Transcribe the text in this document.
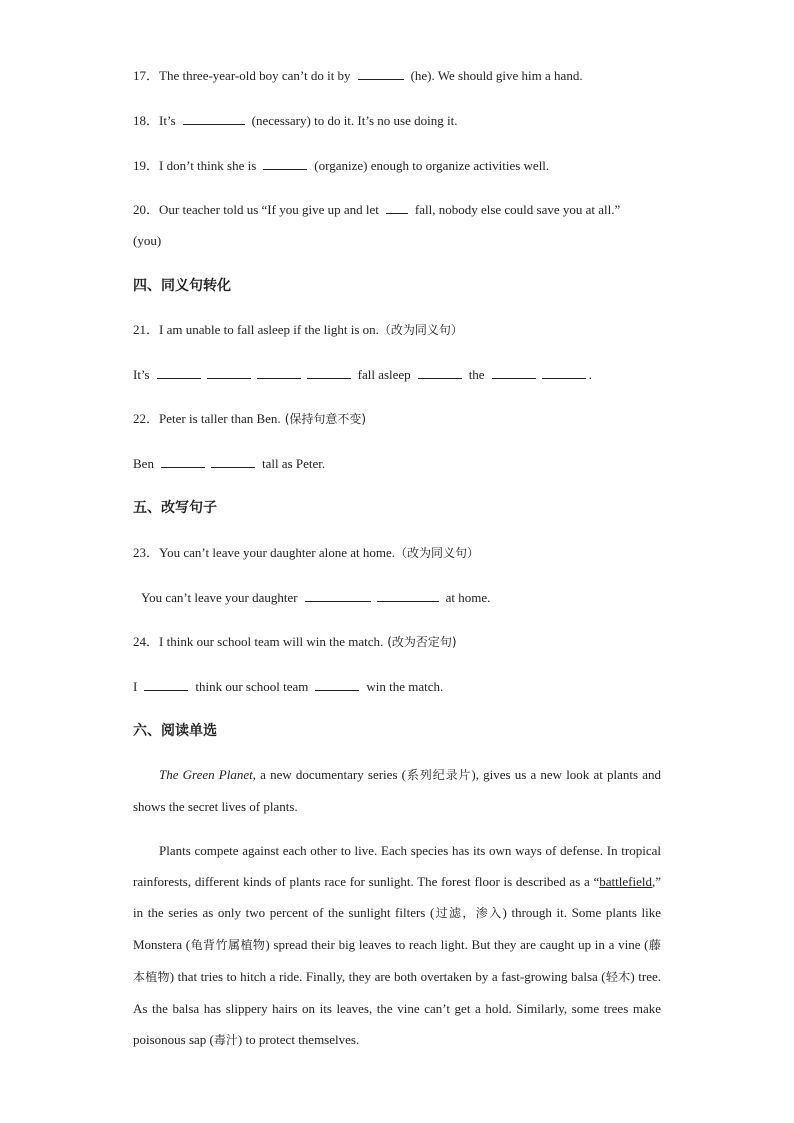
17．The three-year-old boy can’t do it by	(he). We should give him a hand.
18．It’s	(necessary) to do it. It’s no use doing it.
19．I don’t think she is	(organize) enough to organize activities well.
20．Our teacher told us “If you give up and let	fall, nobody else could save you at all.”
(you)
四、同义句转化
21．I am unable to fall asleep if the light is on.（改为同义句）
It’s	fall asleep	the	.
22．Peter is taller than Ben. (保持句意不变)
Ben	tall as Peter.
五、改写句子
23．You can’t leave your daughter alone at home.（改为同义句）
You can’t leave your daughter	at home.
24．I think our school team will win the match. (改为否定句)
I	think our school team	win the match.
六、阅读单选

The Green Planet, a new documentary series (系列纪录片), gives us a new look at plants and shows the secret lives of plants.

Plants compete against each other to live. Each species has its own ways of defense. In tropical rainforests, different kinds of plants race for sunlight. The forest floor is described as a “battlefield,” in the series as only two percent of the sunlight filters (过滤，渗入) through it. Some plants like Monstera (龟背竹属植物) spread their big leaves to reach light. But they are caught up in a vine (藤本植物) that tries to hitch a ride. Finally, they are both overtaken by a fast-growing balsa (轻木) tree. As the balsa has slippery hairs on its leaves, the vine can’t get a hold. Similarly, some trees make poisonous sap (毒汁) to protect themselves.
